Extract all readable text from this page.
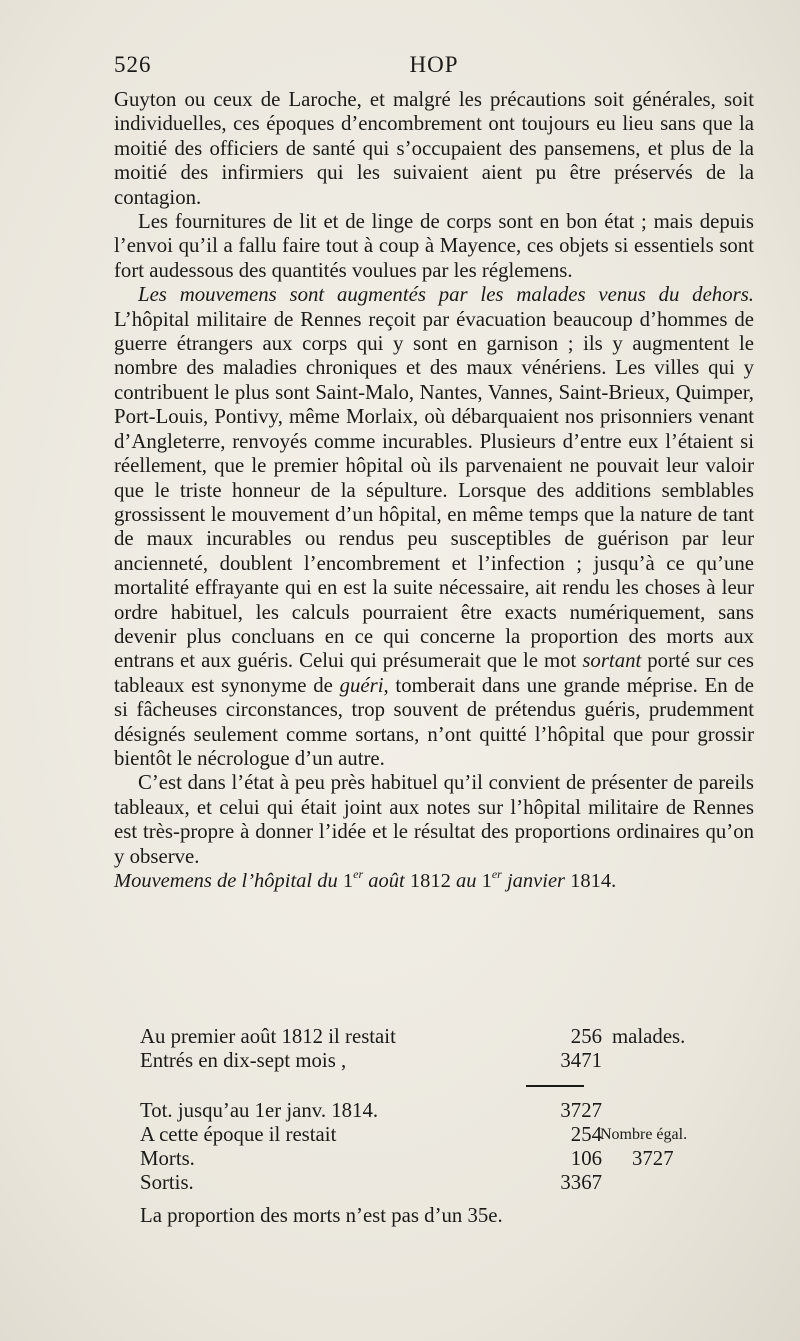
526	HOP

Guyton ou ceux de Laroche, et malgré les précautions soit générales, soit individuelles, ces époques d’encombrement ont toujours eu lieu sans que la moitié des officiers de santé qui s’occupaient des pansemens, et plus de la moitié des infirmiers qui les suivaient aient pu être préservés de la contagion.

Les fournitures de lit et de linge de corps sont en bon état ; mais depuis l’envoi qu’il a fallu faire tout à coup à Mayence, ces objets si essentiels sont fort audessous des quantités voulues par les réglemens.

Les mouvemens sont augmentés par les malades venus du dehors. L’hôpital militaire de Rennes reçoit par évacuation beaucoup d’hommes de guerre étrangers aux corps qui y sont en garnison ; ils y augmentent le nombre des maladies chroniques et des maux vénériens. Les villes qui y contribuent le plus sont Saint-Malo, Nantes, Vannes, Saint-Brieux, Quimper, Port-Louis, Pontivy, même Morlaix, où débarquaient nos prisonniers venant d’Angleterre, renvoyés comme incurables. Plusieurs d’entre eux l’étaient si réellement, que le premier hôpital où ils parvenaient ne pouvait leur valoir que le triste honneur de la sépulture. Lorsque des additions semblables grossissent le mouvement d’un hôpital, en même temps que la nature de tant de maux incurables ou rendus peu susceptibles de guérison par leur ancienneté, doublent l’encombrement et l’infection ; jusqu’à ce qu’une mortalité effrayante qui en est la suite nécessaire, ait rendu les choses à leur ordre habituel, les calculs pourraient être exacts numériquement, sans devenir plus concluans en ce qui concerne la proportion des morts aux entrans et aux guéris. Celui qui présumerait que le mot sortant porté sur ces tableaux est synonyme de guéri, tomberait dans une grande méprise. En de si fâcheuses circonstances, trop souvent de prétendus guéris, prudemment désignés seulement comme sortans, n’ont quitté l’hôpital que pour grossir bientôt le nécrologue d’un autre.

C’est dans l’état à peu près habituel qu’il convient de présenter de pareils tableaux, et celui qui était joint aux notes sur l’hôpital militaire de Rennes est très-propre à donner l’idée et le résultat des proportions ordinaires qu’on y observe.

Mouvemens de l’hôpital du 1er août 1812 au 1er janvier 1814.

Au premier août 1812 il restait	256 malades.
Entrés en dix-sept mois ,	3471
Tot. jusqu’au 1er janv. 1814.	3727
A cette époque il restait	254
Nombre égal.
Morts.	106 3727
Sortis.	3367
La proportion des morts n’est pas d’un 35e.
